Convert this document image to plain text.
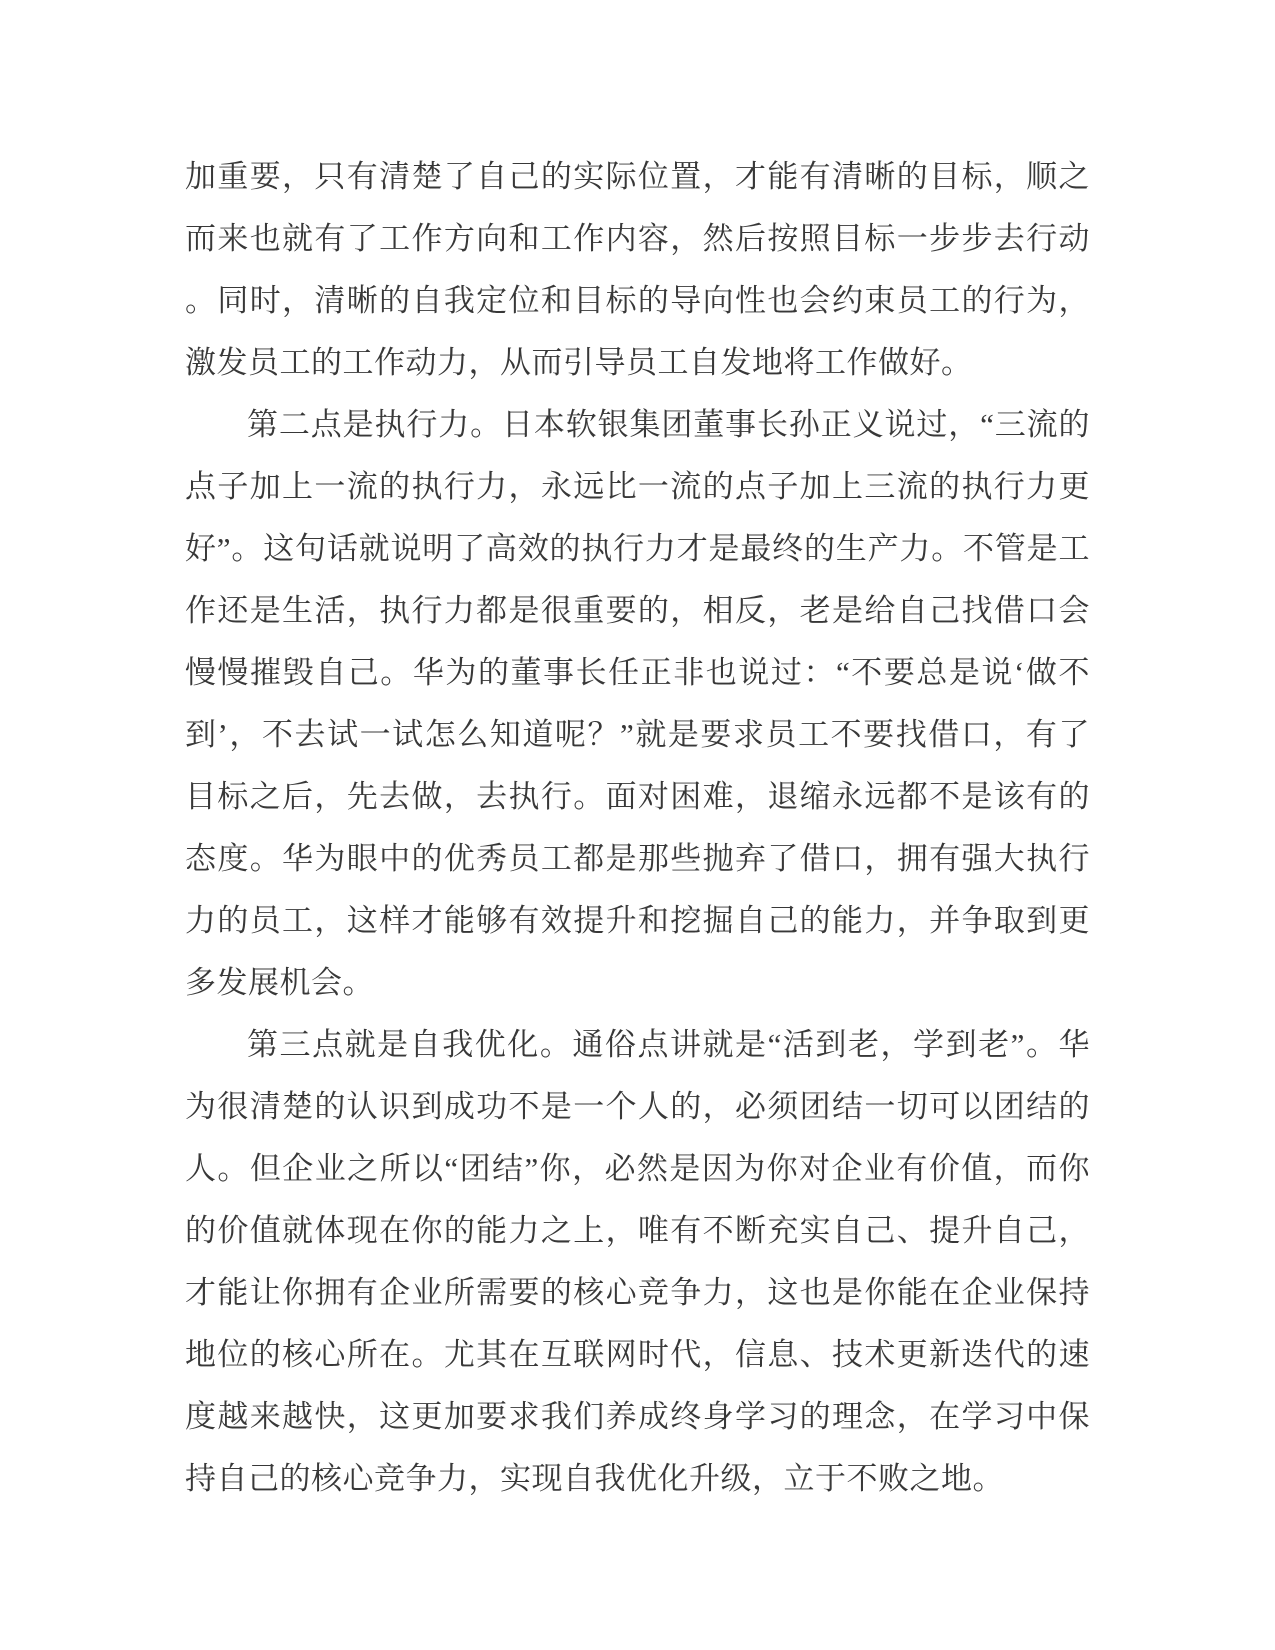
加重要，只有清楚了自己的实际位置，才能有清晰的目标，顺之而来也就有了工作方向和工作内容，然后按照目标一步步去行动。同时，清晰的自我定位和目标的导向性也会约束员工的行为，激发员工的工作动力，从而引导员工自发地将工作做好。

第二点是执行力。日本软银集团董事长孙正义说过，“三流的点子加上一流的执行力，永远比一流的点子加上三流的执行力更好”。这句话就说明了高效的执行力才是最终的生产力。不管是工作还是生活，执行力都是很重要的，相反，老是给自己找借口会慢慢摧毁自己。华为的董事长任正非也说过：“不要总是说‘做不到’，不去试一试怎么知道呢？”就是要求员工不要找借口，有了目标之后，先去做，去执行。面对困难，退缩永远都不是该有的态度。华为眼中的优秀员工都是那些抛弃了借口，拥有强大执行力的员工，这样才能够有效提升和挖掘自己的能力，并争取到更多发展机会。

第三点就是自我优化。通俗点讲就是“活到老，学到老”。华为很清楚的认识到成功不是一个人的，必须团结一切可以团结的人。但企业之所以“团结”你，必然是因为你对企业有价值，而你的价值就体现在你的能力之上，唯有不断充实自己、提升自己，才能让你拥有企业所需要的核心竞争力，这也是你能在企业保持地位的核心所在。尤其在互联网时代，信息、技术更新迭代的速度越来越快，这更加要求我们养成终身学习的理念，在学习中保持自己的核心竞争力，实现自我优化升级，立于不败之地。
